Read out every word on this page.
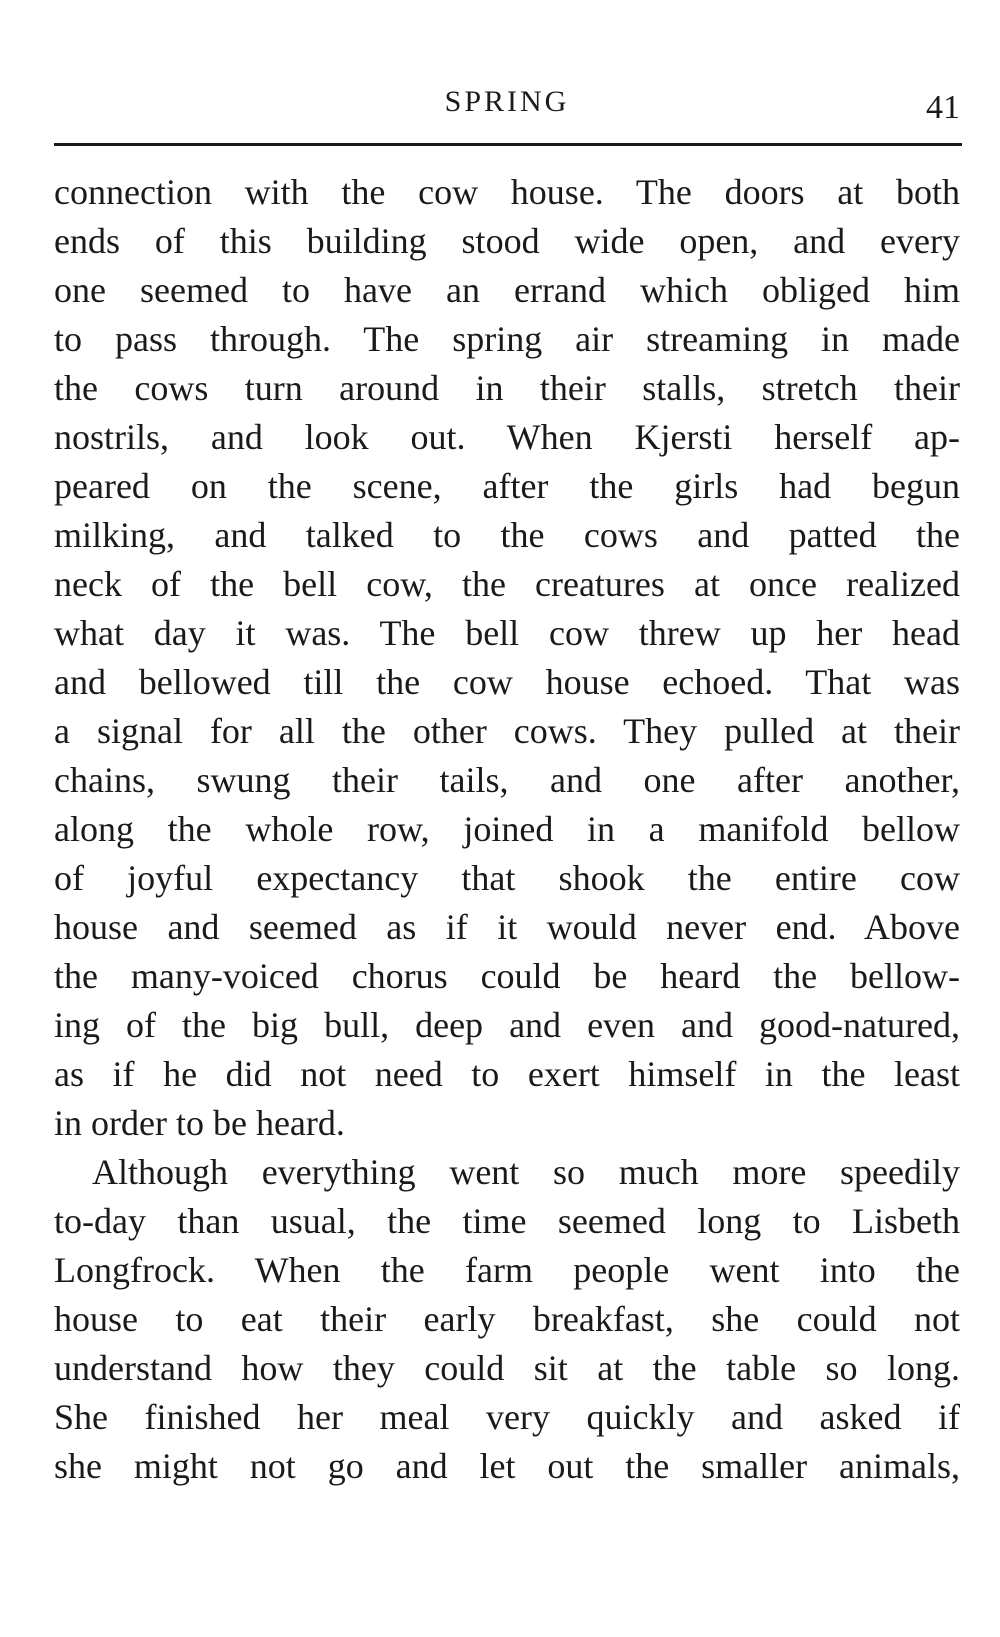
SPRING	41
connection with the cow house. The doors at both
ends of this building stood wide open, and every
one seemed to have an errand which obliged him
to pass through. The spring air streaming in made
the cows turn around in their stalls, stretch their
nostrils, and look out. When Kjersti herself ap-
peared on the scene, after the girls had begun
milking, and talked to the cows and patted the
neck of the bell cow, the creatures at once realized
what day it was. The bell cow threw up her head
and bellowed till the cow house echoed. That was
a signal for all the other cows. They pulled at their
chains, swung their tails, and one after another,
along the whole row, joined in a manifold bellow
of joyful expectancy that shook the entire cow
house and seemed as if it would never end. Above
the many-voiced chorus could be heard the bellow-
ing of the big bull, deep and even and good-natured,
as if he did not need to exert himself in the least
in order to be heard.
Although everything went so much more speedily
to-day than usual, the time seemed long to Lisbeth
Longfrock. When the farm people went into the
house to eat their early breakfast, she could not
understand how they could sit at the table so long.
She finished her meal very quickly and asked if
she might not go and let out the smaller animals,
